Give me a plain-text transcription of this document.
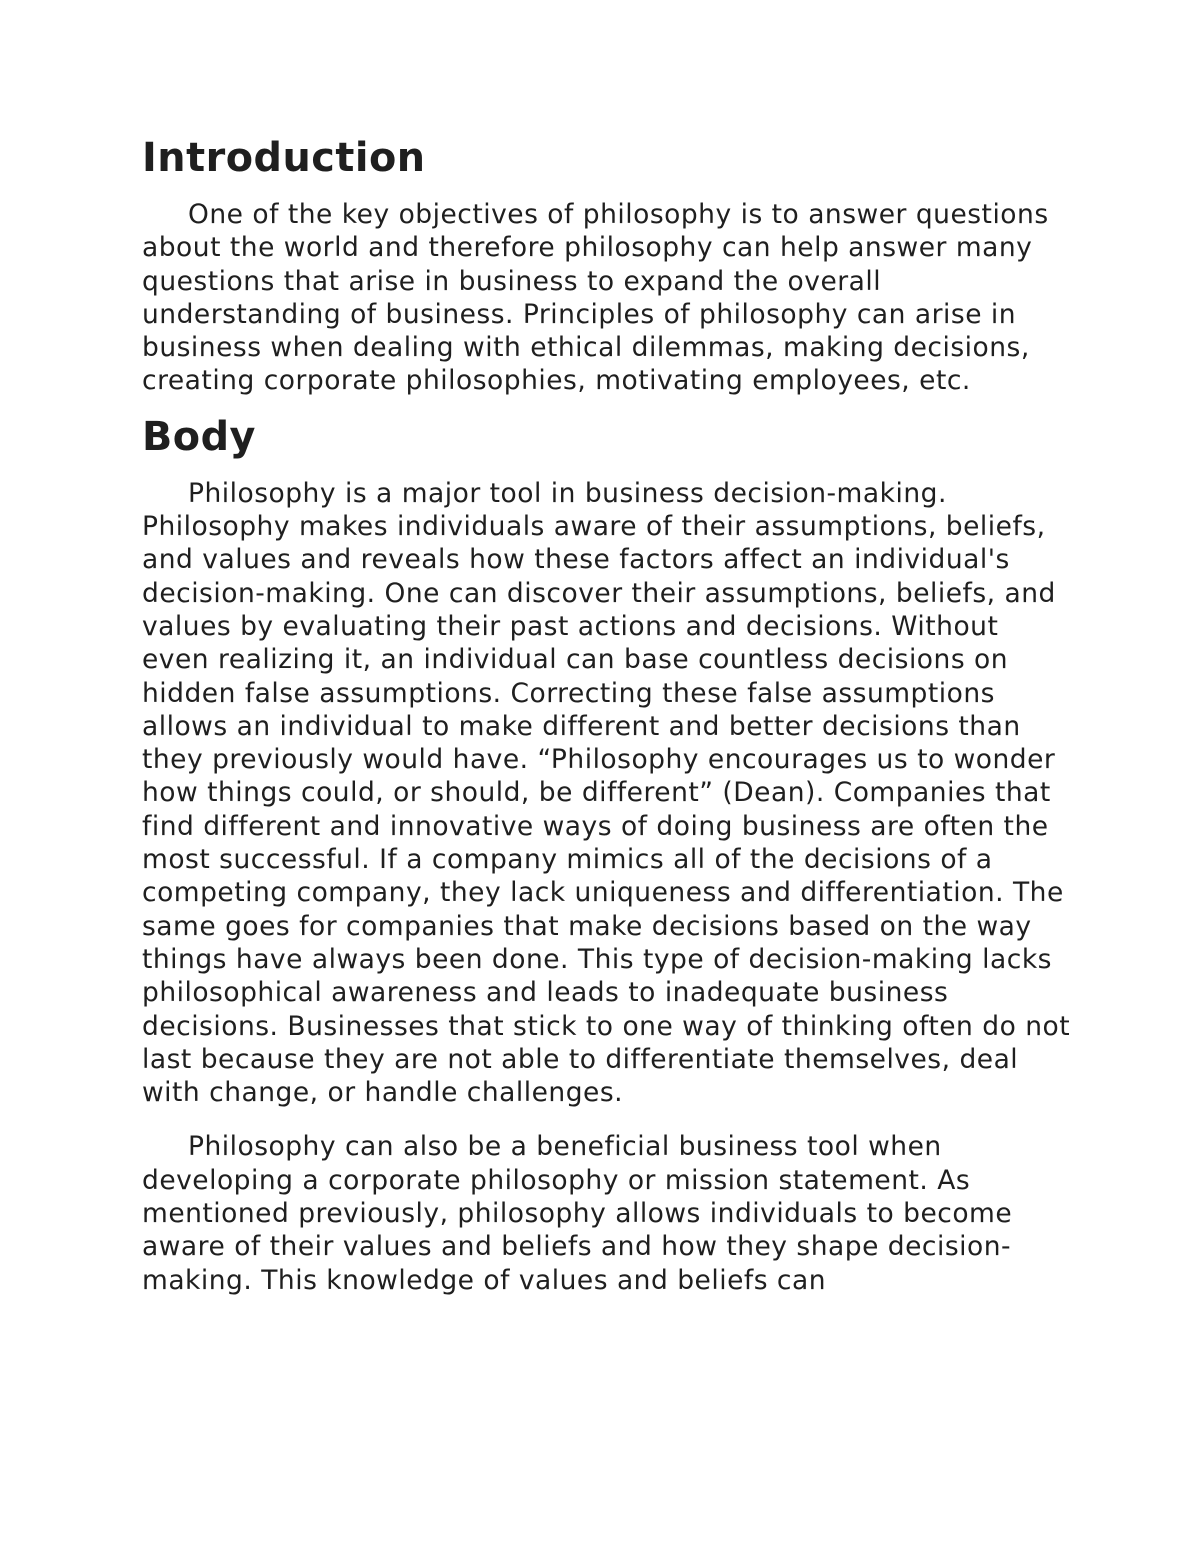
Introduction

One of the key objectives of philosophy is to answer questions about the world and therefore philosophy can help answer many questions that arise in business to expand the overall understanding of business. Principles of philosophy can arise in business when dealing with ethical dilemmas, making decisions, creating corporate philosophies, motivating employees, etc.

Body

Philosophy is a major tool in business decision-making. Philosophy makes individuals aware of their assumptions, beliefs, and values and reveals how these factors affect an individual's decision-making. One can discover their assumptions, beliefs, and values by evaluating their past actions and decisions. Without even realizing it, an individual can base countless decisions on hidden false assumptions. Correcting these false assumptions allows an individual to make different and better decisions than they previously would have. “Philosophy encourages us to wonder how things could, or should, be different” (Dean). Companies that find different and innovative ways of doing business are often the most successful. If a company mimics all of the decisions of a competing company, they lack uniqueness and differentiation. The same goes for companies that make decisions based on the way things have always been done. This type of decision-making lacks philosophical awareness and leads to inadequate business decisions. Businesses that stick to one way of thinking often do not last because they are not able to differentiate themselves, deal with change, or handle challenges.

Philosophy can also be a beneficial business tool when developing a corporate philosophy or mission statement. As mentioned previously, philosophy allows individuals to become aware of their values and beliefs and how they shape decision-making. This knowledge of values and beliefs can
